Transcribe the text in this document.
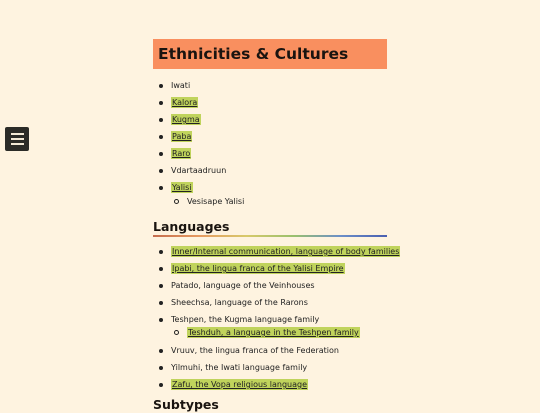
Ethnicities & Cultures
Iwati
Kalora
Kugma
Paba
Raro
Vdartaadruun
Yalisi
Vesisape Yalisi
Languages
Inner/Internal communication, language of body families
Ipabi, the lingua franca of the Yalisi Empire
Patado, language of the Veinhouses
Sheechsa, language of the Rarons
Teshpen, the Kugma language family
Teshduh, a language in the Teshpen family
Vruuv, the lingua franca of the Federation
Yilmuhi, the Iwati language family
Zafu, the Vopa religious language
Subtypes
